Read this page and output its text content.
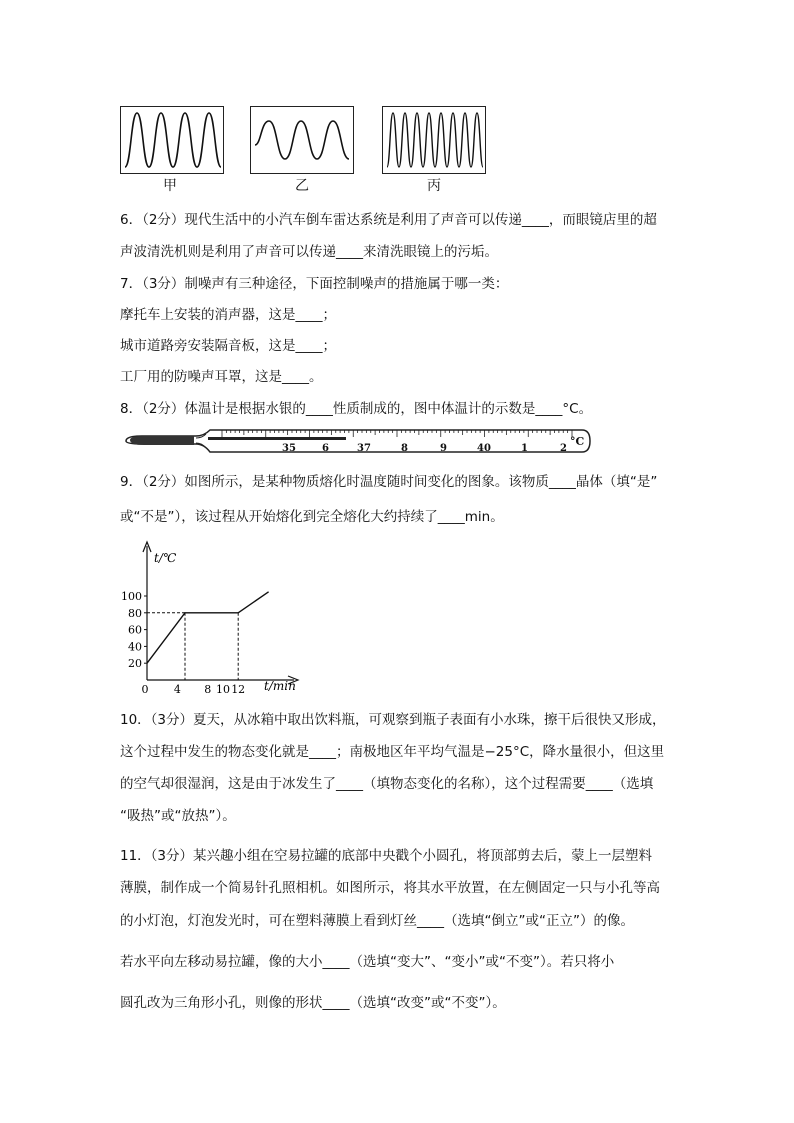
甲	乙	丙
6．（2分）现代生活中的小汽车倒车雷达系统是利用了声音可以传递____，而眼镜店里的超
声波清洗机则是利用了声音可以传递____来清洗眼镜上的污垢。
7．（3分）制噪声有三种途径，下面控制噪声的措施属于哪一类：
摩托车上安装的消声器，这是____；
城市道路旁安装隔音板，这是____；
工厂用的防噪声耳罩，这是____。
8．（2分）体温计是根据水银的____性质制成的，图中体温计的示数是____°C。
35	6	37	8	9	40	1	2
°C
9．（2分）如图所示，是某种物质熔化时温度随时间变化的图象。该物质____晶体（填“是”
或“不是”），该过程从开始熔化到完全熔化大约持续了____min。
t/℃
t/min
20
40
60
80
100
0 4 8 10 12
10．（3分）夏天，从冰箱中取出饮料瓶，可观察到瓶子表面有小水珠，擦干后很快又形成，
这个过程中发生的物态变化就是____；南极地区年平均气温是−25°C，降水量很小，但这里
的空气却很湿润，这是由于冰发生了____（填物态变化的名称），这个过程需要____（选填
“吸热”或“放热”）。
11．（3分）某兴趣小组在空易拉罐的底部中央戳个小圆孔，将顶部剪去后，蒙上一层塑料
薄膜，制作成一个简易针孔照相机。如图所示，将其水平放置，在左侧固定一只与小孔等高
的小灯泡，灯泡发光时，可在塑料薄膜上看到灯丝____（选填“倒立”或“正立”）的像。
若水平向左移动易拉罐，像的大小____（选填“变大”、“变小”或“不变”）。若只将小
圆孔改为三角形小孔，则像的形状____（选填“改变”或“不变”）。
